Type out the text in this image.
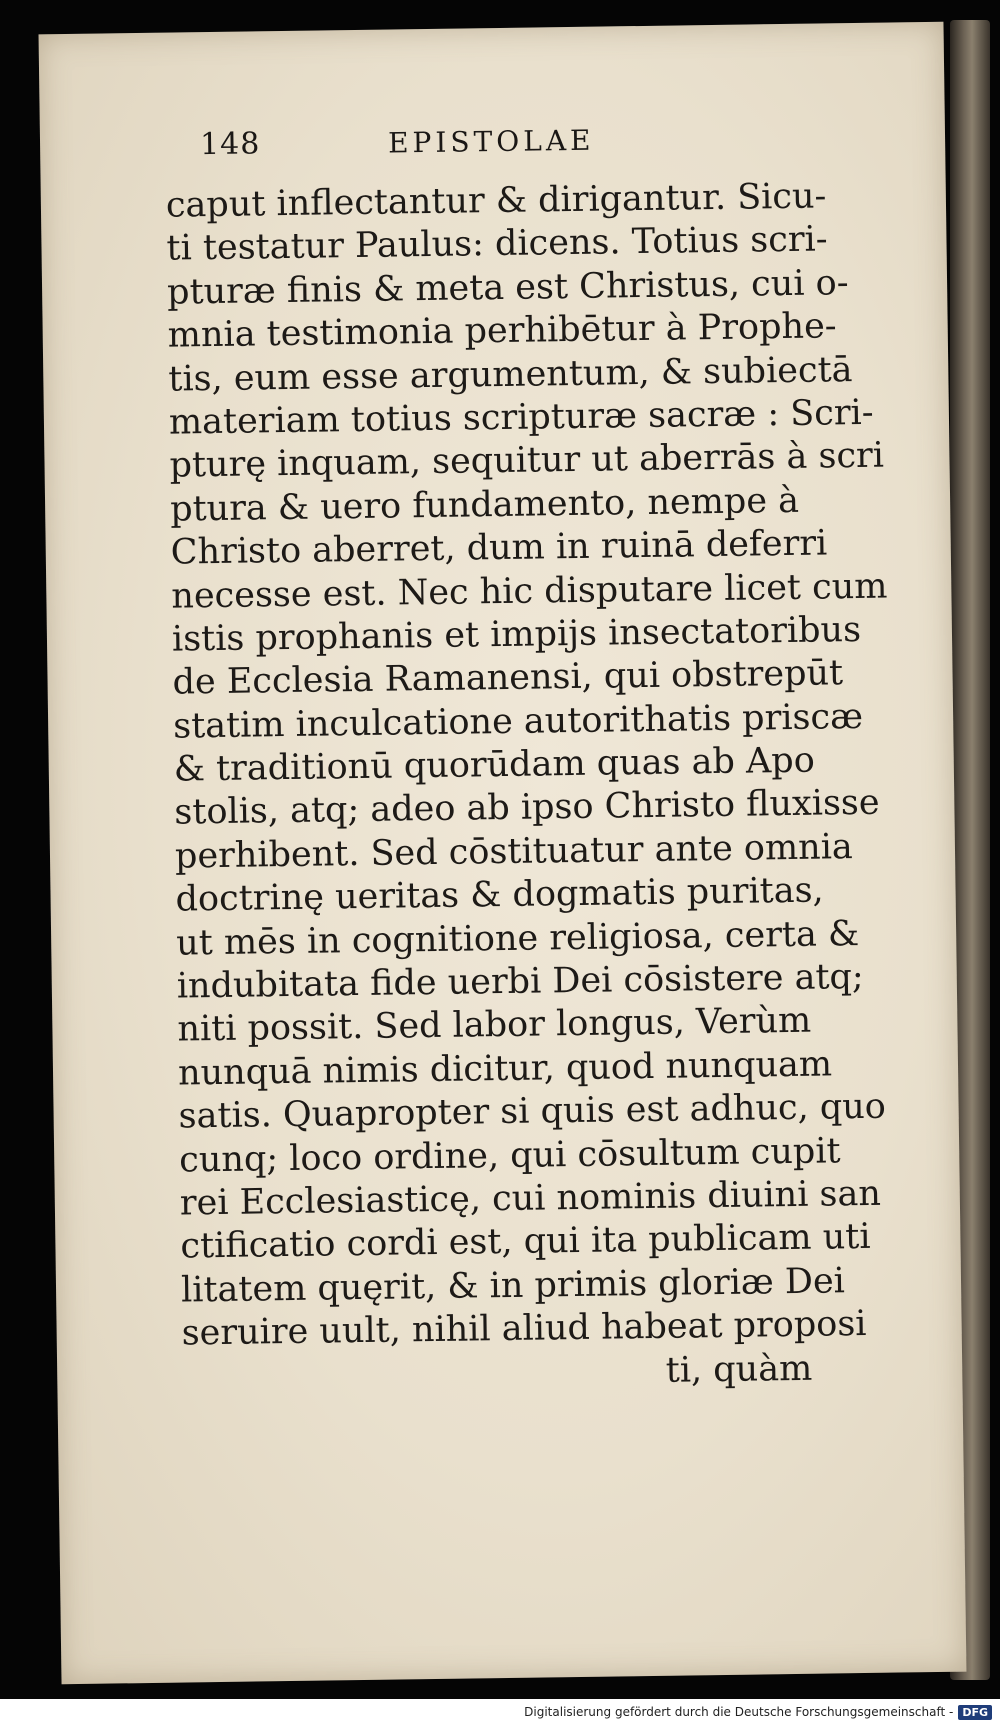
148	EPISTOLAE
caput inflectantur & dirigantur. Sicu-
ti testatur Paulus: dicens. Totius scri-
pturæ finis & meta est Christus, cui o-
mnia testimonia perhibētur à Prophe-
tis, eum esse argumentum, & subiectā
materiam totius scripturæ sacræ : Scri-
pturę inquam, sequitur ut aberrās à scri
ptura & uero fundamento, nempe à
Christo aberret, dum in ruinā deferri
necesse est. Nec hic disputare licet cum
istis prophanis et impijs insectatoribus
de Ecclesia Ramanensi, qui obstrepūt
statim inculcatione autorithatis priscæ
& traditionū quorūdam quas ab Apo
stolis, atq; adeo ab ipso Christo fluxisse
perhibent. Sed cōstituatur ante omnia
doctrinę ueritas & dogmatis puritas,
ut mēs in cognitione religiosa, certa &
indubitata fide uerbi Dei cōsistere atq;
niti possit. Sed labor longus, Verùm
nunquā nimis dicitur, quod nunquam
satis. Quapropter si quis est adhuc, quo
cunq; loco ordine, qui cōsultum cupit
rei Ecclesiasticę, cui nominis diuini san
ctificatio cordi est, qui ita publicam uti
litatem quęrit, & in primis gloriæ Dei
seruire uult, nihil aliud habeat proposi
ti, quàm
Digitalisierung gefördert durch die Deutsche Forschungsgemeinschaft - DFG
